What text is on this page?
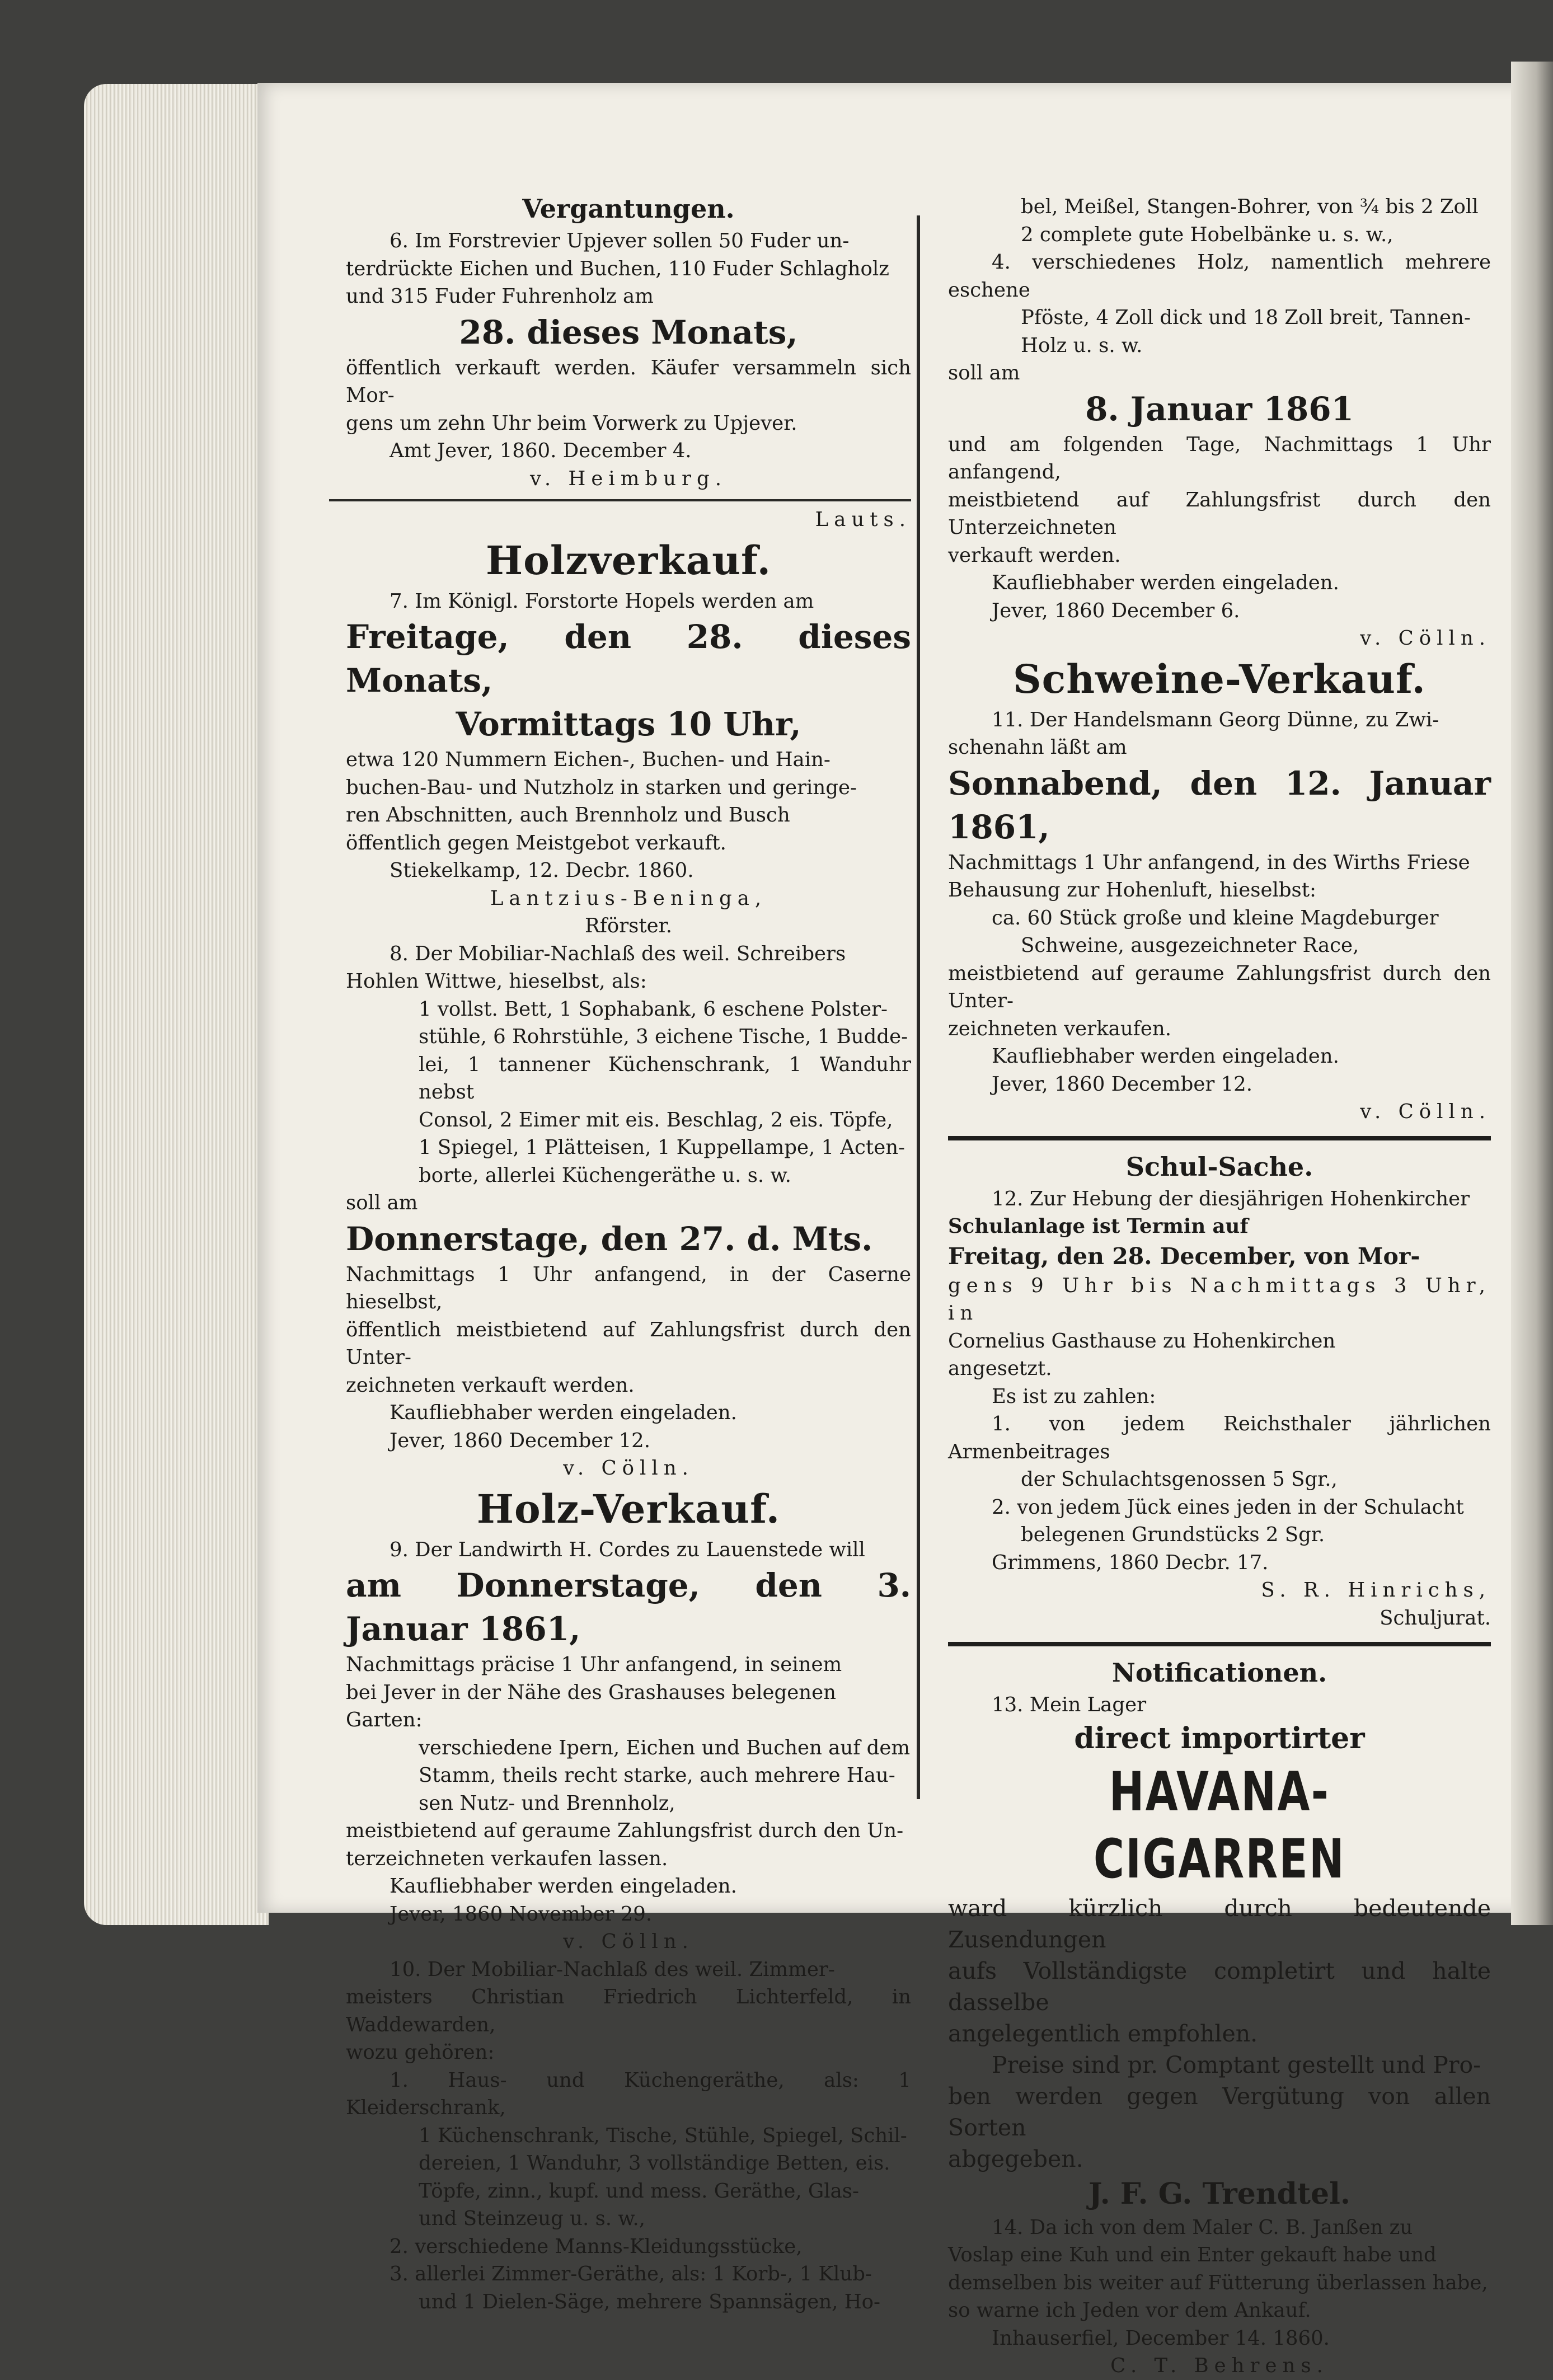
Vergantungen.

6. Im Forstrevier Upjever sollen 50 Fuder un-

terdrückte Eichen und Buchen, 110 Fuder Schlagholz

und 315 Fuder Fuhrenholz am

28. dieses Monats,

öffentlich verkauft werden. Käufer versammeln sich Mor-

gens um zehn Uhr beim Vorwerk zu Upjever.

Amt Jever, 1860. December 4.

v. Heimburg.

Lauts.

Holzverkauf.

7. Im Königl. Forstorte Hopels werden am

Freitage, den 28. dieses Monats,

Vormittags 10 Uhr,

etwa 120 Nummern Eichen-, Buchen- und Hain-

buchen-Bau- und Nutzholz in starken und geringe-

ren Abschnitten, auch Brennholz und Busch

öffentlich gegen Meistgebot verkauft.

Stiekelkamp, 12. Decbr. 1860.

Lantzius-Beninga,

Rförster.

8. Der Mobiliar-Nachlaß des weil. Schreibers

Hohlen Wittwe, hieselbst, als:

1 vollst. Bett, 1 Sophabank, 6 eschene Polster-

stühle, 6 Rohrstühle, 3 eichene Tische, 1 Budde-

lei, 1 tannener Küchenschrank, 1 Wanduhr nebst

Consol, 2 Eimer mit eis. Beschlag, 2 eis. Töpfe,

1 Spiegel, 1 Plätteisen, 1 Kuppellampe, 1 Acten-

borte, allerlei Küchengeräthe u. s. w.

soll am

Donnerstage, den 27. d. Mts.

Nachmittags 1 Uhr anfangend, in der Caserne hieselbst,

öffentlich meistbietend auf Zahlungsfrist durch den Unter-

zeichneten verkauft werden.

Kaufliebhaber werden eingeladen.

Jever, 1860 December 12.

v. Cölln.

Holz-Verkauf.

9. Der Landwirth H. Cordes zu Lauenstede will

am Donnerstage, den 3. Januar 1861,

Nachmittags präcise 1 Uhr anfangend, in seinem

bei Jever in der Nähe des Grashauses belegenen

Garten:

verschiedene Ipern, Eichen und Buchen auf dem

Stamm, theils recht starke, auch mehrere Hau-

sen Nutz- und Brennholz,

meistbietend auf geraume Zahlungsfrist durch den Un-

terzeichneten verkaufen lassen.

Kaufliebhaber werden eingeladen.

Jever, 1860 November 29.

v. Cölln.

10. Der Mobiliar-Nachlaß des weil. Zimmer-

meisters Christian Friedrich Lichterfeld, in Waddewarden,

wozu gehören:

1. Haus- und Küchengeräthe, als: 1 Kleiderschrank,

1 Küchenschrank, Tische, Stühle, Spiegel, Schil-

dereien, 1 Wanduhr, 3 vollständige Betten, eis.

Töpfe, zinn., kupf. und mess. Geräthe, Glas-

und Steinzeug u. s. w.,

2. verschiedene Manns-Kleidungsstücke,

3. allerlei Zimmer-Geräthe, als: 1 Korb-, 1 Klub-

und 1 Dielen-Säge, mehrere Spannsägen, Ho-

bel, Meißel, Stangen-Bohrer, von ¾ bis 2 Zoll

2 complete gute Hobelbänke u. s. w.,

4. verschiedenes Holz, namentlich mehrere eschene

Pföste, 4 Zoll dick und 18 Zoll breit, Tannen-

Holz u. s. w.

soll am

8. Januar 1861

und am folgenden Tage, Nachmittags 1 Uhr anfangend,

meistbietend auf Zahlungsfrist durch den Unterzeichneten

verkauft werden.

Kaufliebhaber werden eingeladen.

Jever, 1860 December 6.

v. Cölln.

Schweine-Verkauf.

11. Der Handelsmann Georg Dünne, zu Zwi-

schenahn läßt am

Sonnabend, den 12. Januar 1861,

Nachmittags 1 Uhr anfangend, in des Wirths Friese

Behausung zur Hohenluft, hieselbst:

ca. 60 Stück große und kleine Magdeburger

Schweine, ausgezeichneter Race,

meistbietend auf geraume Zahlungsfrist durch den Unter-

zeichneten verkaufen.

Kaufliebhaber werden eingeladen.

Jever, 1860 December 12.

v. Cölln.

Schul-Sache.

12. Zur Hebung der diesjährigen Hohenkircher

Schulanlage ist Termin auf

Freitag, den 28. December, von Mor-

gens 9 Uhr bis Nachmittags 3 Uhr, in

Cornelius Gasthause zu Hohenkirchen

angesetzt.

Es ist zu zahlen:

1. von jedem Reichsthaler jährlichen Armenbeitrages

der Schulachtsgenossen 5 Sgr.,

2. von jedem Jück eines jeden in der Schulacht

belegenen Grundstücks 2 Sgr.

Grimmens, 1860 Decbr. 17.

S. R. Hinrichs,

Schuljurat.

Notificationen.

13. Mein Lager

direct importirter

HAVANA-CIGARREN

ward kürzlich durch bedeutende Zusendungen

aufs Vollständigste completirt und halte dasselbe

angelegentlich empfohlen.

Preise sind pr. Comptant gestellt und Pro-

ben werden gegen Vergütung von allen Sorten

abgegeben.

J. F. G. Trendtel.

14. Da ich von dem Maler C. B. Janßen zu

Voslap eine Kuh und ein Enter gekauft habe und

demselben bis weiter auf Fütterung überlassen habe,

so warne ich Jeden vor dem Ankauf.

Inhauserfiel, December 14. 1860.

C. T. Behrens.
